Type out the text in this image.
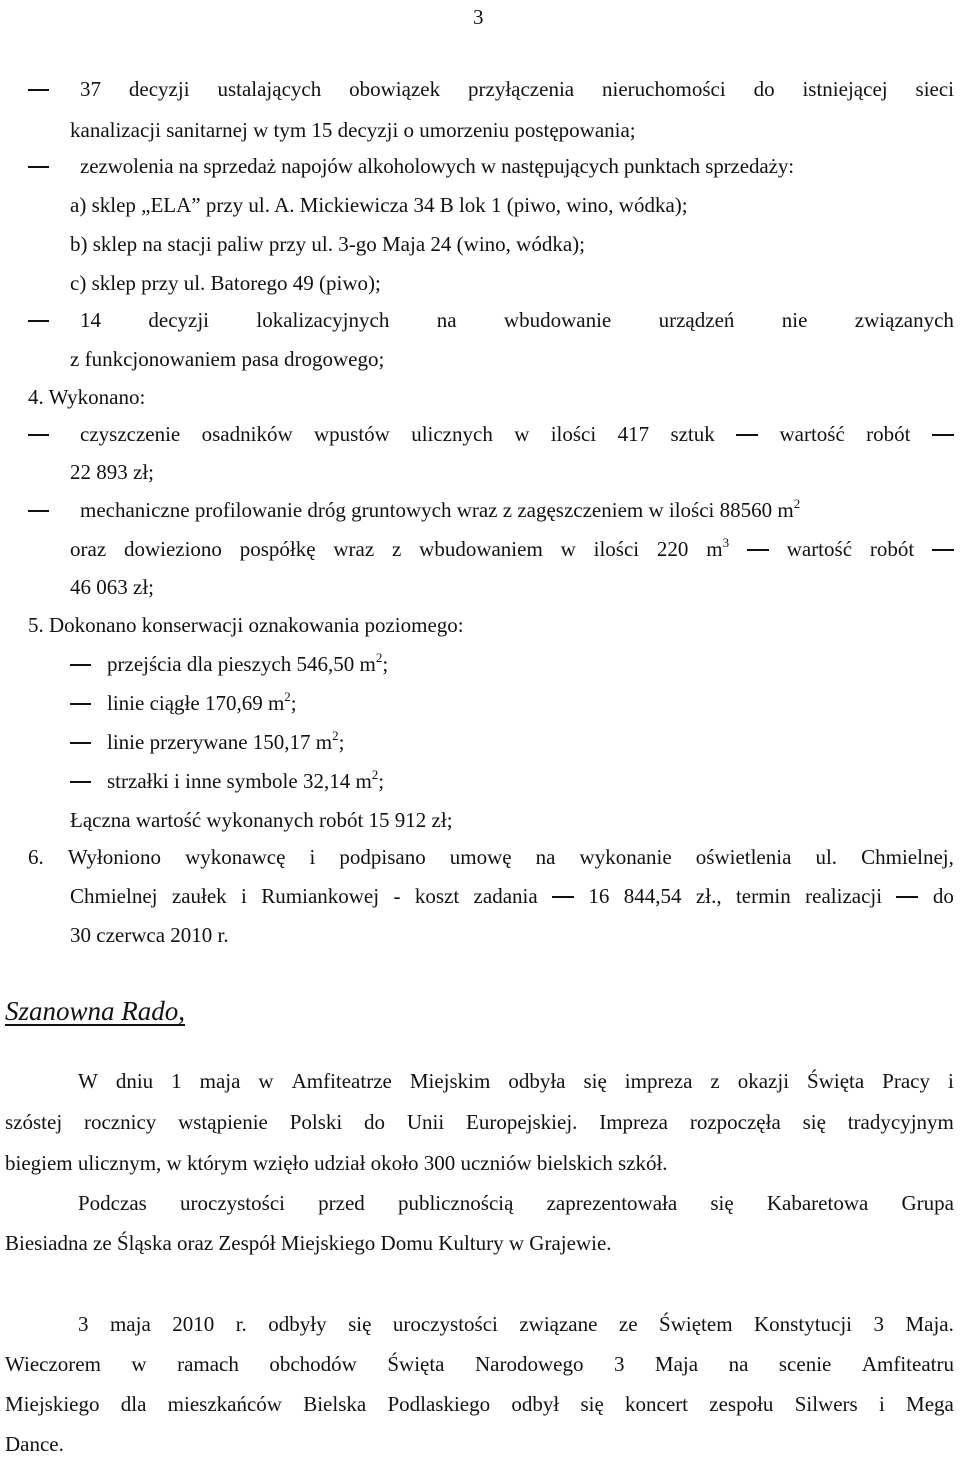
3
37 decyzji ustalających obowiązek przyłączenia nieruchomości do istniejącej sieci
kanalizacji sanitarnej w tym 15 decyzji o umorzeniu postępowania;
zezwolenia na sprzedaż napojów alkoholowych w następujących punktach sprzedaży:
a) sklep „ELA” przy ul. A. Mickiewicza 34 B lok 1 (piwo, wino, wódka);
b) sklep na stacji paliw przy ul. 3-go Maja 24 (wino, wódka);
c) sklep przy ul. Batorego 49 (piwo);
14 decyzji lokalizacyjnych na wbudowanie urządzeń nie związanych
z funkcjonowaniem pasa drogowego;
4. Wykonano:
czyszczenie osadników wpustów ulicznych w ilości 417 sztuk	wartość robót
22 893 zł;
mechaniczne profilowanie dróg gruntowych wraz z zagęszczeniem w ilości 88560 $m^2$
oraz dowieziono pospółkę wraz z wbudowaniem w ilości 220 $m^3$	wartość robót
46 063 zł;
5. Dokonano konserwacji oznakowania poziomego:
przejścia dla pieszych 546,50 $m^2$;
linie ciągłe 170,69 $m^2$;
linie przerywane 150,17 $m^2$;
strzałki i inne symbole 32,14 $m^2$;
Łączna wartość wykonanych robót 15 912 zł;
6. Wyłoniono wykonawcę i podpisano umowę na wykonanie oświetlenia ul. Chmielnej,
Chmielnej zaułek i Rumiankowej - koszt zadania 16 844,54 zł., termin realizacji do
30 czerwca 2010 r.
Szanowna Rado,
W dniu 1 maja w Amfiteatrze Miejskim odbyła się impreza z okazji Święta Pracy i
szóstej rocznicy wstąpienie Polski do Unii Europejskiej. Impreza rozpoczęła się tradycyjnym
biegiem ulicznym, w którym wzięło udział około 300 uczniów bielskich szkół.
Podczas uroczystości przed publicznością zaprezentowała się Kabaretowa Grupa
Biesiadna ze Śląska oraz Zespół Miejskiego Domu Kultury w Grajewie.
3 maja 2010 r. odbyły się uroczystości związane ze Świętem Konstytucji 3 Maja.
Wieczorem w ramach obchodów Święta Narodowego 3 Maja na scenie Amfiteatru
Miejskiego dla mieszkańców Bielska Podlaskiego odbył się koncert zespołu Silwers i Mega
Dance.
